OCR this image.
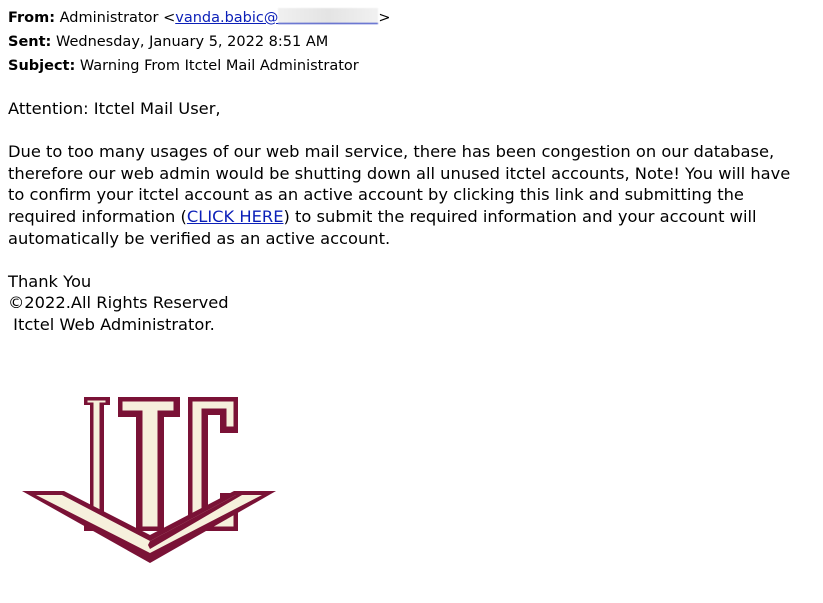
From: Administrator <vanda.babic@	>
Sent: Wednesday, January 5, 2022 8:51 AM
Subject: Warning From Itctel Mail Administrator

Attention: Itctel Mail User,

Due to too many usages of our web mail service, there has been congestion on our database,

therefore our web admin would be shutting down all unused itctel accounts, Note! You will have

to confirm your itctel account as an active account by clicking this link and submitting the

required information (CLICK HERE) to submit the required information and your account will

automatically be verified as an active account.

Thank You

©2022.All Rights Reserved

Itctel Web Administrator.
